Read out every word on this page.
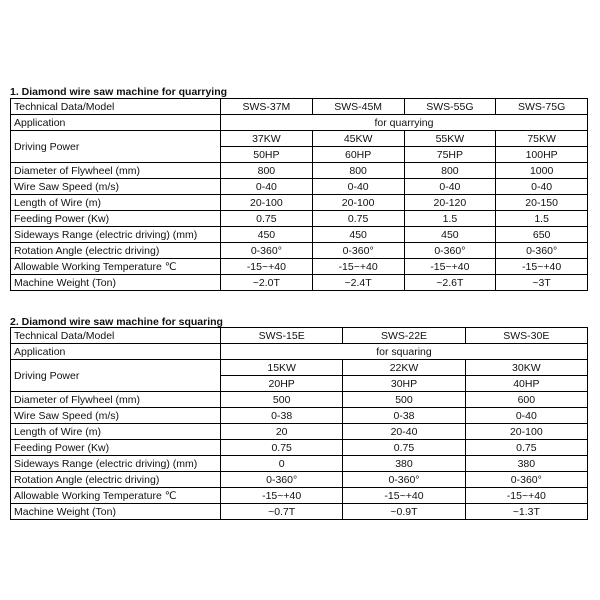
1. Diamond wire saw machine for quarrying
Technical Data/Model	SWS-37M	SWS-45M	SWS-55G	SWS-75G
Application	for quarrying			
Driving Power	37KW	45KW	55KW	75KW
	50HP	60HP	75HP	100HP
Diameter of Flywheel (mm)	800	800	800	1000
Wire Saw Speed (m/s)	0-40	0-40	0-40	0-40
Length of Wire (m)	20-100	20-100	20-120	20-150
Feeding Power (Kw)	0.75	0.75	1.5	1.5
Sideways Range (electric driving) (mm)	450	450	450	650
Rotation Angle (electric driving)	0-360°	0-360°	0-360°	0-360°
Allowable Working Temperature ℃	-15~+40	-15~+40	-15~+40	-15~+40
Machine Weight (Ton)	~2.0T	~2.4T	~2.6T	~3T
2. Diamond wire saw machine for squaring
Technical Data/Model	SWS-15E	SWS-22E	SWS-30E
Application	for squaring		
Driving Power	15KW	22KW	30KW
	20HP	30HP	40HP
Diameter of Flywheel (mm)	500	500	600
Wire Saw Speed (m/s)	0-38	0-38	0-40
Length of Wire (m)	20	20-40	20-100
Feeding Power (Kw)	0.75	0.75	0.75
Sideways Range (electric driving) (mm)	0	380	380
Rotation Angle (electric driving)	0-360°	0-360°	0-360°
Allowable Working Temperature ℃	-15~+40	-15~+40	-15~+40
Machine Weight (Ton)	~0.7T	~0.9T	~1.3T
